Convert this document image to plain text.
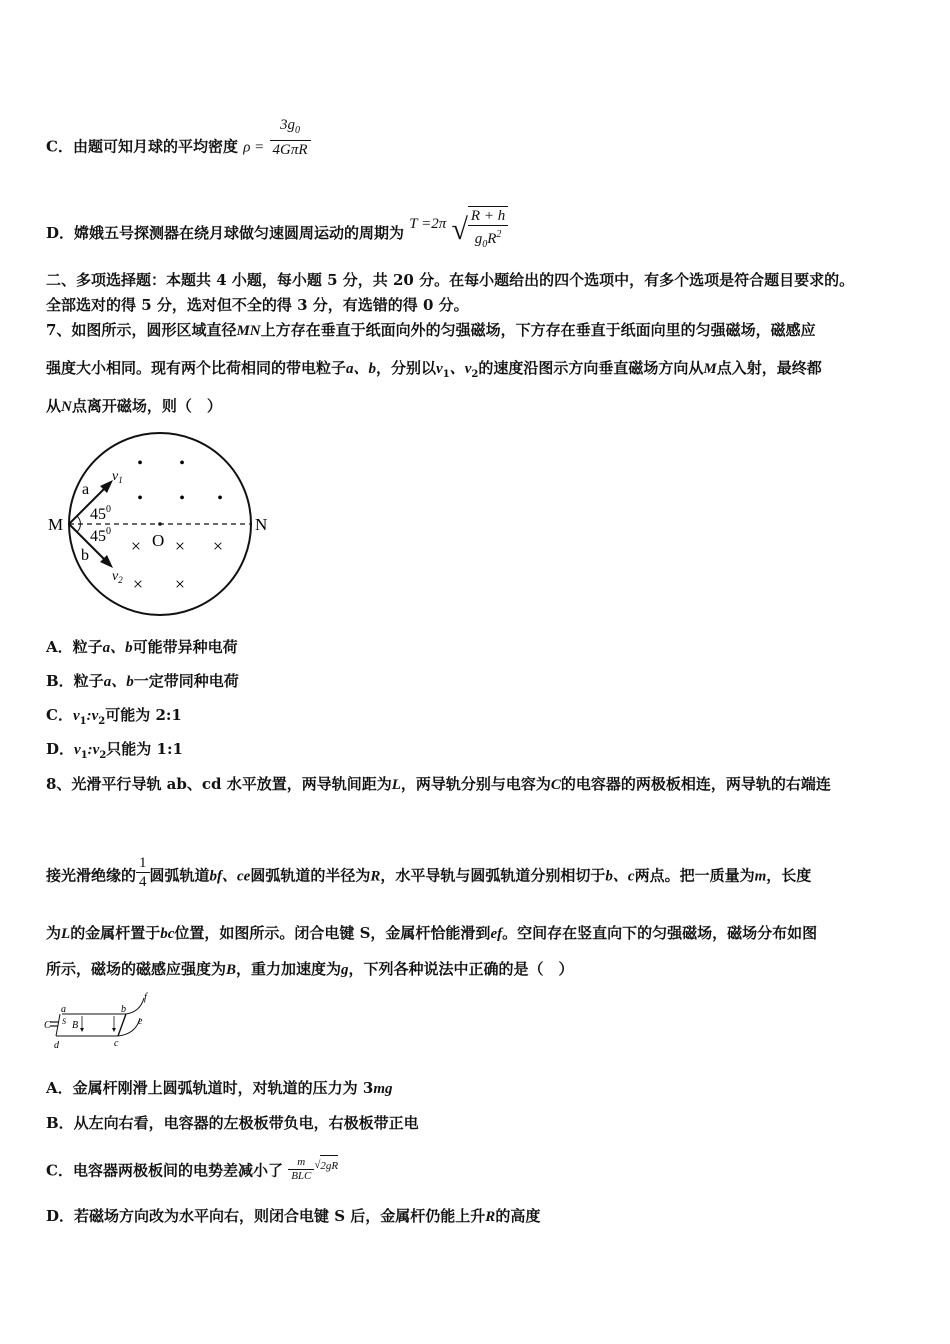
C．由题可知月球的平均密度 $\rho = \frac{3g_0}{\text{4GπR}}$
D．嫦娥五号探测器在绕月球做匀速圆周运动的周期为 T =2π √ $\frac{R + h}{g_0R^2}$
二、多项选择题：本题共 4 小题，每小题 5 分，共 20 分。在每小题给出的四个选项中，有多个选项是符合题目要求的。
全部选对的得 5 分，选对但不全的得 3 分，有选错的得 0 分。
7、如图所示，圆形区域直径MN上方存在垂直于纸面向外的匀强磁场，下方存在垂直于纸面向里的匀强磁场，磁感应
强度大小相同。现有两个比荷相同的带电粒子a、b，分别以$v_1$、$v_2$的速度沿图示方向垂直磁场方向从M点入射，最终都
从N点离开磁场，则（　）
M	N
O
a
b
$v_1$
$v_2$
$45^0$
$45^0$
• •
• • •
× × ×
× ×
A．粒子a、b可能带异种电荷
B．粒子a、b一定带同种电荷
C．$v_1:v_2$可能为 2:1
D．$v_1:v_2$只能为 1:1
8、光滑平行导轨 ab、cd 水平放置，两导轨间距为L，两导轨分别与电容为C的电容器的两极板相连，两导轨的右端连
接光滑绝缘的 $\frac{1}{4}$ 圆弧轨道bf、ce圆弧轨道的半径为R，水平导轨与圆弧轨道分别相切于b、c两点。把一质量为m，长度
为L的金属杆置于bc位置，如图所示。闭合电键 S，金属杆恰能滑到ef。空间存在竖直向下的匀强磁场，磁场分布如图
所示，磁场的磁感应强度为B，重力加速度为g，下列各种说法中正确的是（　）
a	b
c
d
e
f
C S B
A．金属杆刚滑上圆弧轨道时，对轨道的压力为 3mg
B．从左向右看，电容器的左极板带负电，右极板带正电
C．电容器两极板间的电势差减小了 $\frac{m}{\text{BLC}} √2gR$
D．若磁场方向改为水平向右，则闭合电键 S 后，金属杆仍能上升R的高度
